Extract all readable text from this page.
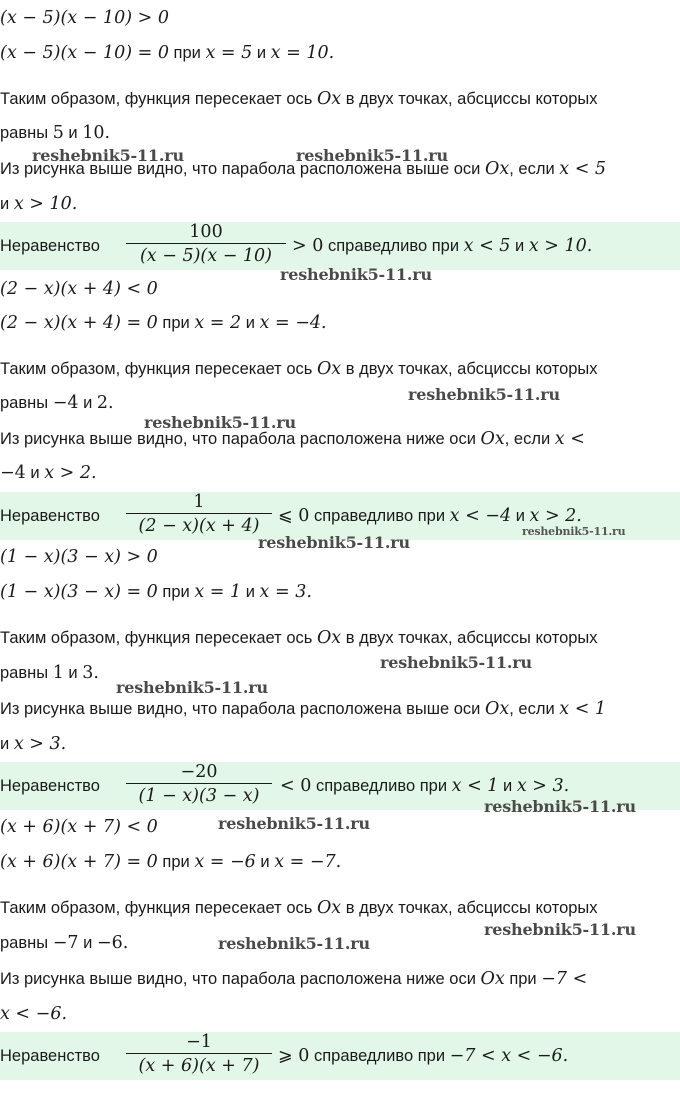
(x − 5)(x − 10) > 0
(x − 5)(x − 10) = 0 при x = 5 и x = 10.
Таким образом, функция пересекает ось Ox в двух точках, абсциссы которых
равны 5 и 10.
Из рисунка выше видно, что парабола расположена выше оси Ox, если x < 5
и x > 10.
Неравенство
100
(x − 5)(x − 10)
> 0 справедливо при x < 5 и x > 10.
(2 − x)(x + 4) < 0
(2 − x)(x + 4) = 0 при x = 2 и x = −4.
Таким образом, функция пересекает ось Ox в двух точках, абсциссы которых
равны −4 и 2.
Из рисунка выше видно, что парабола расположена ниже оси Ox, если x <
−4 и x > 2.
Неравенство
1
(2 − x)(x + 4)
⩽ 0 справедливо при x < −4 и x > 2.
(1 − x)(3 − x) > 0
(1 − x)(3 − x) = 0 при x = 1 и x = 3.
Таким образом, функция пересекает ось Ox в двух точках, абсциссы которых
равны 1 и 3.
Из рисунка выше видно, что парабола расположена выше оси Ox, если x < 1
и x > 3.
Неравенство
−20
(1 − x)(3 − x)
< 0 справедливо при x < 1 и x > 3.
(x + 6)(x + 7) < 0
(x + 6)(x + 7) = 0 при x = −6 и x = −7.
Таким образом, функция пересекает ось Ox в двух точках, абсциссы которых
равны −7 и −6.
Из рисунка выше видно, что парабола расположена ниже оси Ox при −7 <
x < −6.
Неравенство
−1
(x + 6)(x + 7)
⩾ 0 справедливо при −7 < x < −6.
reshebnik5-11.ru	reshebnik5-11.ru
reshebnik5-11.ru
reshebnik5-11.ru
reshebnik5-11.ru
reshebnik5-11.ru
reshebnik5-11.ru
reshebnik5-11.ru
reshebnik5-11.ru
reshebnik5-11.ru
reshebnik5-11.ru
reshebnik5-11.ru
reshebnik5-11.ru
